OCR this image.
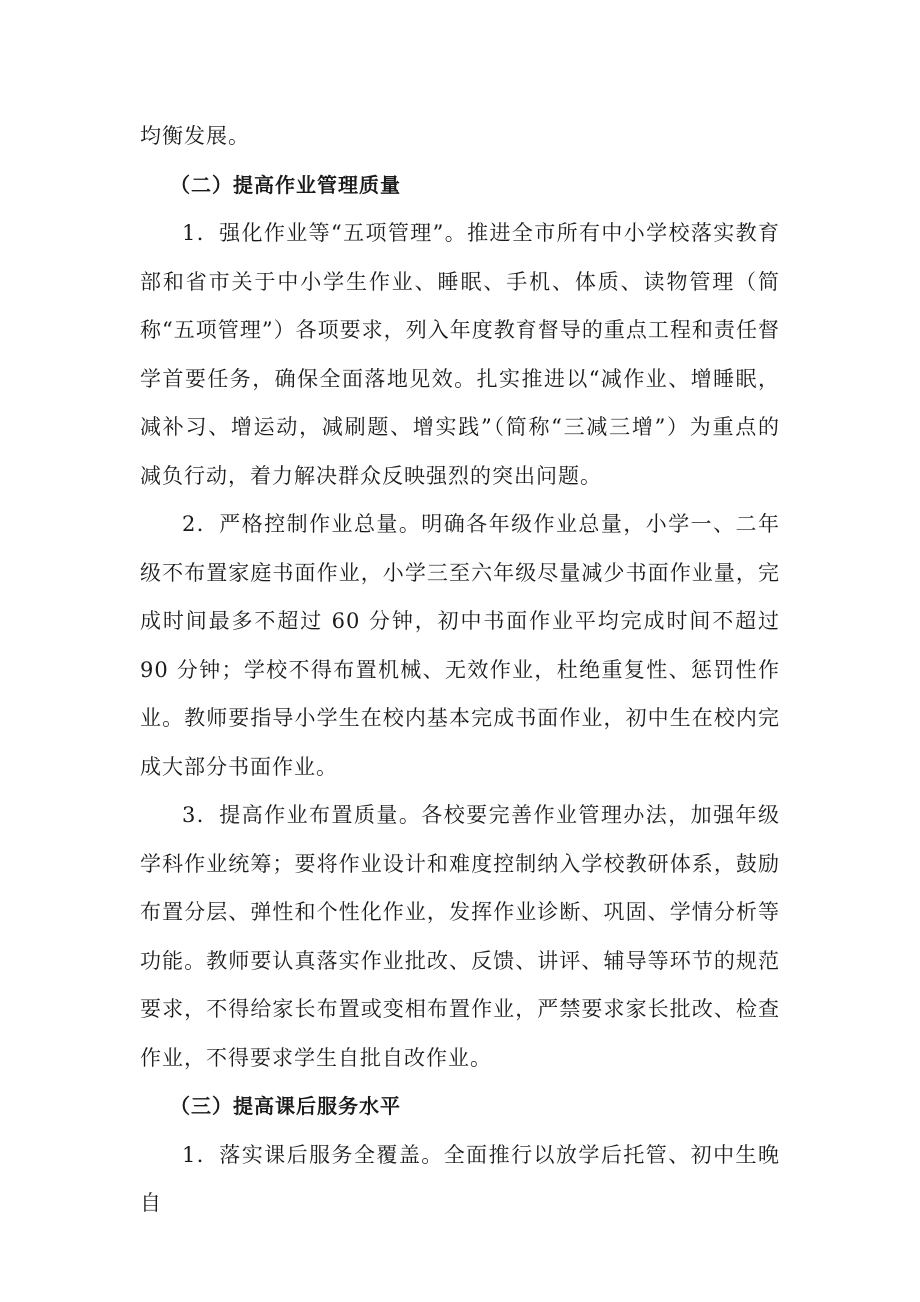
均衡发展。

（二）提高作业管理质量

1．强化作业等“五项管理”。推进全市所有中小学校落实教育部和省市关于中小学生作业、睡眠、手机、体质、读物管理（简称“五项管理”）各项要求，列入年度教育督导的重点工程和责任督学首要任务，确保全面落地见效。扎实推进以“减作业、增睡眠，减补习、增运动，减刷题、增实践”（简称“三减三增”）为重点的减负行动，着力解决群众反映强烈的突出问题。

2．严格控制作业总量。明确各年级作业总量，小学一、二年级不布置家庭书面作业，小学三至六年级尽量减少书面作业量，完成时间最多不超过 60 分钟，初中书面作业平均完成时间不超过 90 分钟；学校不得布置机械、无效作业，杜绝重复性、惩罚性作业。教师要指导小学生在校内基本完成书面作业，初中生在校内完成大部分书面作业。

3．提高作业布置质量。各校要完善作业管理办法，加强年级学科作业统筹；要将作业设计和难度控制纳入学校教研体系，鼓励布置分层、弹性和个性化作业，发挥作业诊断、巩固、学情分析等功能。教师要认真落实作业批改、反馈、讲评、辅导等环节的规范要求，不得给家长布置或变相布置作业，严禁要求家长批改、检查作业，不得要求学生自批自改作业。

（三）提高课后服务水平

1．落实课后服务全覆盖。全面推行以放学后托管、初中生晚自
